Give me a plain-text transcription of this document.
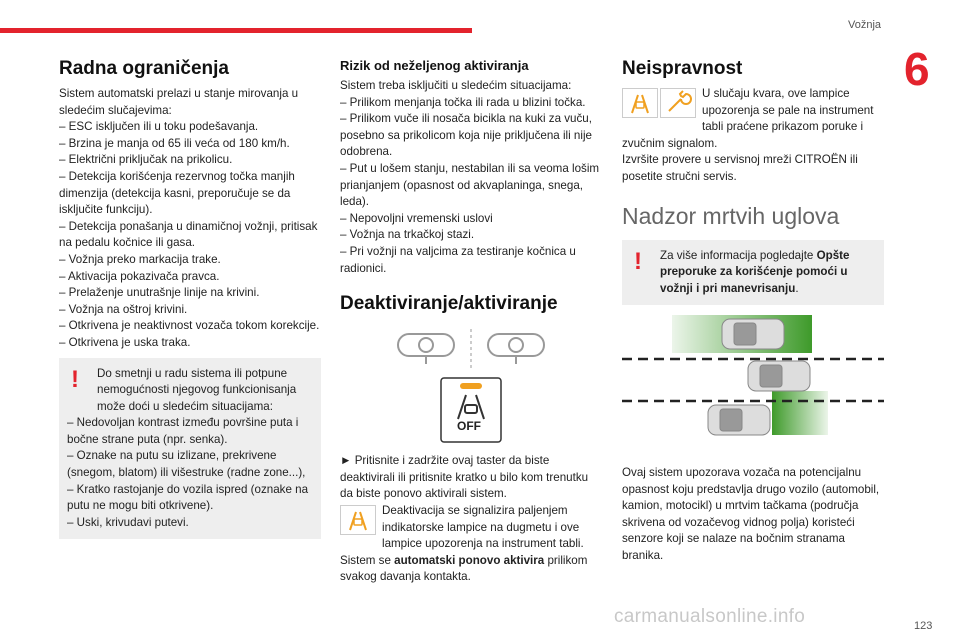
Vožnja
6
Radna ograničenja

Sistem automatski prelazi u stanje mirovanja u sledećim slučajevima:

– ESC isključen ili u toku podešavanja.

– Brzina je manja od 65 ili veća od 180 km/h.

– Električni priključak na prikolicu.

– Detekcija korišćenja rezervnog točka manjih dimenzija (detekcija kasni, preporučuje se da isključite funkciju).

– Detekcija ponašanja u dinamičnoj vožnji, pritisak na pedalu kočnice ili gasa.

– Vožnja preko markacija trake.

– Aktivacija pokazivača pravca.

– Prelaženje unutrašnje linije na krivini.

– Vožnja na oštroj krivini.

– Otkrivena je neaktivnost vozača tokom korekcije.

– Otkrivena je uska traka.

!	Do smetnji u radu sistema ili potpune nemogućnosti njegovog funkcionisanja može doći u sledećim situacijama:

– Nedovoljan kontrast između površine puta i bočne strane puta (npr. senka).

– Oznake na putu su izlizane, prekrivene (snegom, blatom) ili višestruke (radne zone...),

– Kratko rastojanje do vozila ispred (oznake na putu ne mogu biti otkrivene).

– Uski, krivudavi putevi.

Rizik od neželjenog aktiviranja

Sistem treba isključiti u sledećim situacijama:

– Prilikom menjanja točka ili rada u blizini točka.

– Prilikom vuče ili nosača bicikla na kuki za vuču, posebno sa prikolicom koja nije priključena ili nije odobrena.

– Put u lošem stanju, nestabilan ili sa veoma lošim prianjanjem (opasnost od akvaplaninga, snega, leda).

– Nepovoljni vremenski uslovi

– Vožnja na trkačkoj stazi.

– Pri vožnji na valjcima za testiranje kočnica u radionici.

Deaktiviranje/aktiviranje
OFF

► Pritisnite i zadržite ovaj taster da biste deaktivirali ili pritisnite kratko u bilo kom trenutku da biste ponovo aktivirali sistem.

Deaktivacija se signalizira paljenjem indikatorske lampice na dugmetu i ove lampice upozorenja na instrument tabli.

Sistem se automatski ponovo aktivira prilikom svakog davanja kontakta.

Neispravnost

U slučaju kvara, ove lampice upozorenja se pale na instrument tabli praćene prikazom poruke i zvučnim signalom.

Izvršite provere u servisnoj mreži CITROËN ili posetite stručni servis.

Nadzor mrtvih uglova
!	Za više informacija pogledajte Opšte preporuke za korišćenje pomoći u vožnji i pri manevrisanju.

Ovaj sistem upozorava vozača na potencijalnu opasnost koju predstavlja drugo vozilo (automobil, kamion, motocikl) u mrtvim tačkama (područja skrivena od vozačevog vidnog polja) koristeći senzore koji se nalaze na bočnim stranama branika.

carmanualsonline.info	123
